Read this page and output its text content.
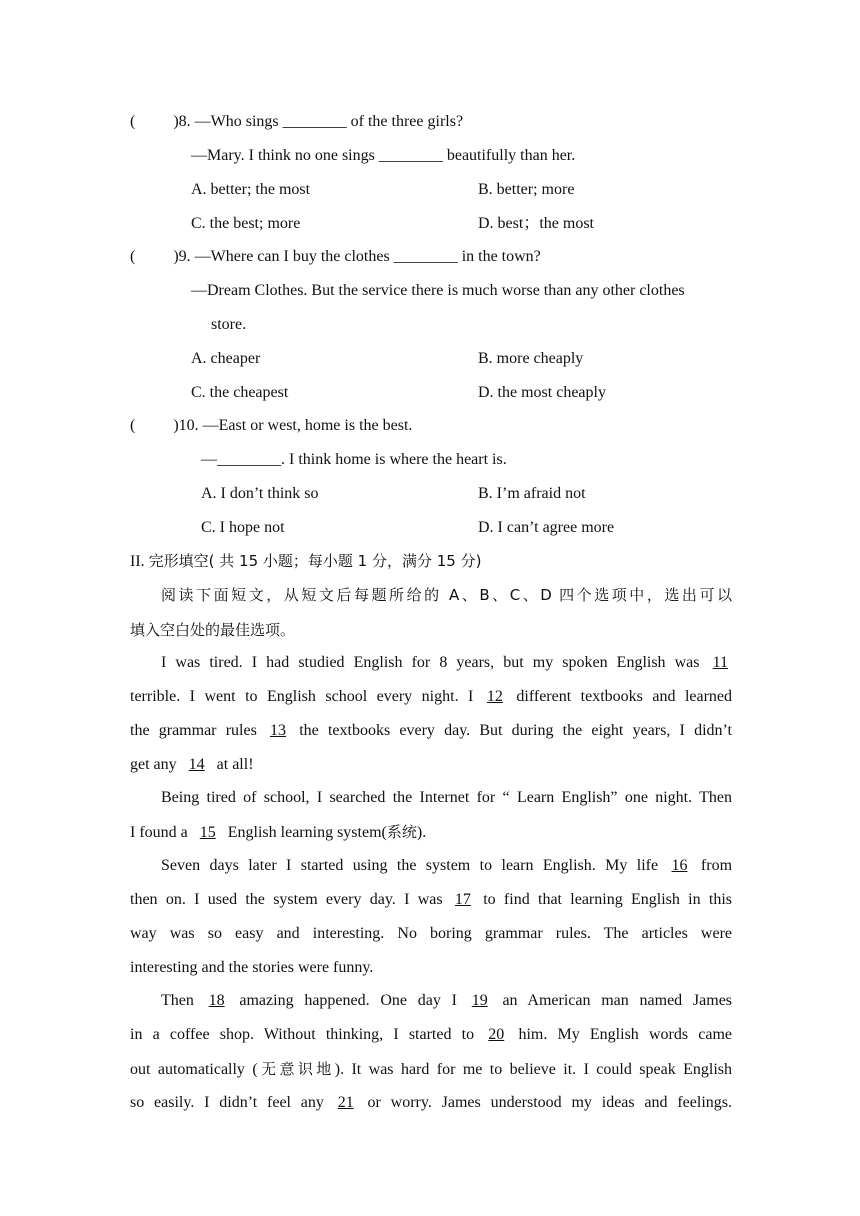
( )8. —Who sings ________ of the three girls?
—Mary. I think no one sings ________ beautifully than her.
A. better; the most	B. better; more
C. the best; more	D. best；the most
( )9. —Where can I buy the clothes ________ in the town?
—Dream Clothes. But the service there is much worse than any other clothes
store.
A. cheaper	B. more cheaply
C. the cheapest	D. the most cheaply
( )10. —East or west, home is the best.
—________. I think home is where the heart is.
A. I don’t think so	B. I’m afraid not
C. I hope not	D. I can’t agree more
II. 完形填空( 共 15 小题；每小题 1 分，满分 15 分)
阅读下面短文，从短文后每题所给的 A、B、C、D 四个选项中，选出可以
填入空白处的最佳选项。
I was tired. I had studied English for 8 years, but my spoken English was 11
terrible. I went to English school every night. I 12 different textbooks and learned
the grammar rules 13 the textbooks every day. But during the eight years, I didn’t
get any 14 at all!
Being tired of school, I searched the Internet for “ Learn English” one night. Then
I found a 15 English learning system(系统).
Seven days later I started using the system to learn English. My life 16 from
then on. I used the system every day. I was 17 to find that learning English in this
way was so easy and interesting. No boring grammar rules. The articles were
interesting and the stories were funny.
Then 18 amazing happened. One day I 19 an American man named James
in a coffee shop. Without thinking, I started to 20 him. My English words came
out automatically (无意识地). It was hard for me to believe it. I could speak English
so easily. I didn’t feel any 21 or worry. James understood my ideas and feelings.
